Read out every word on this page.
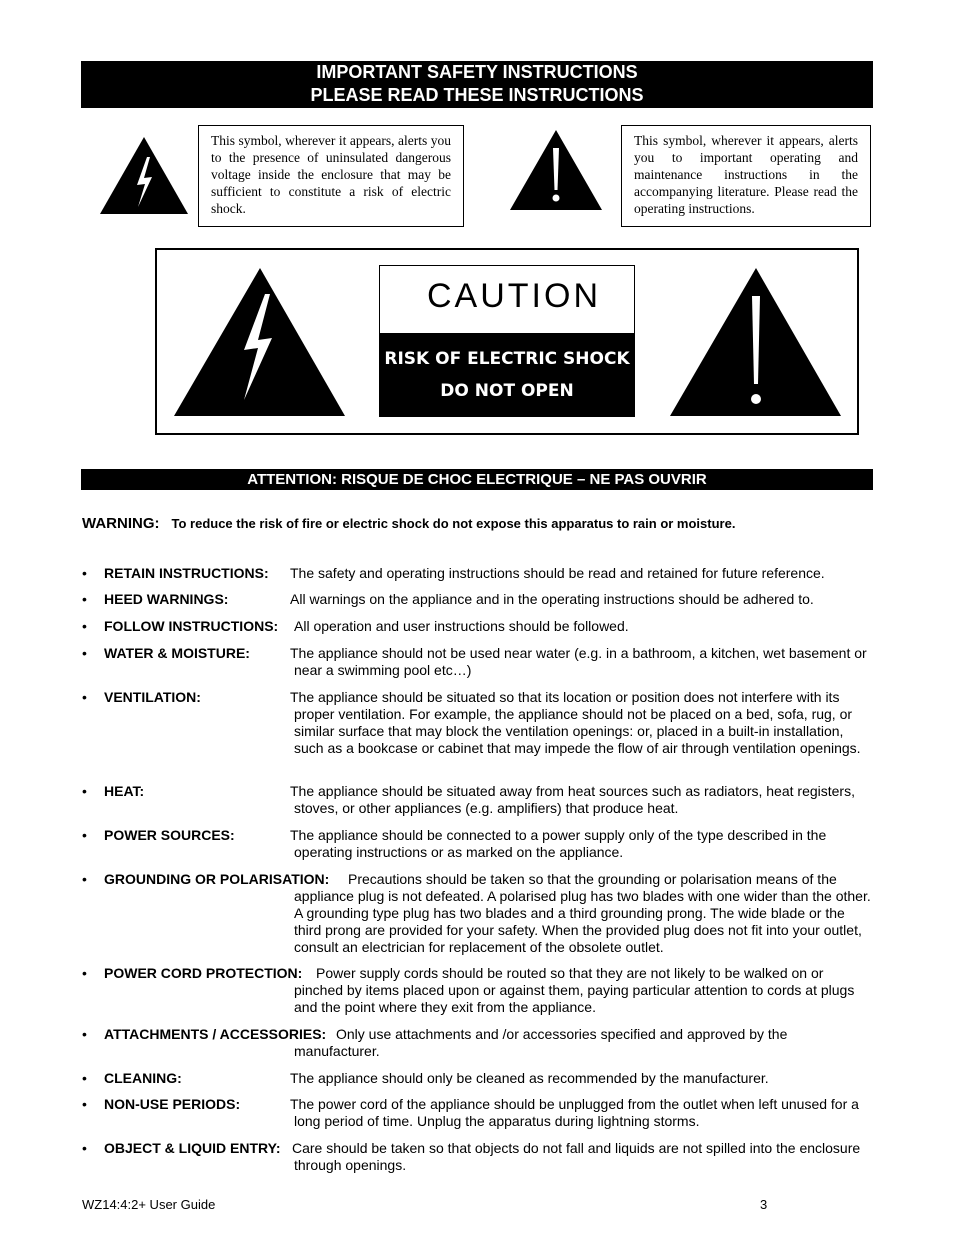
IMPORTANT SAFETY INSTRUCTIONS
PLEASE READ THESE INSTRUCTIONS
This symbol, wherever it appears, alerts you to the presence of uninsulated dangerous voltage inside the enclosure that may be sufficient to constitute a risk of electric shock.
This symbol, wherever it appears, alerts you to important operating and maintenance instructions in the accompanying literature. Please read the operating instructions.
CAUTION
RISK OF ELECTRIC SHOCK
DO NOT OPEN
ATTENTION: RISQUE DE CHOC ELECTRIQUE – NE PAS OUVRIR
WARNING: To reduce the risk of fire or electric shock do not expose this apparatus to rain or moisture.
• RETAIN INSTRUCTIONS:	The safety and operating instructions should be read and retained for future reference.
• HEED WARNINGS:	All warnings on the appliance and in the operating instructions should be adhered to.
• FOLLOW INSTRUCTIONS:	All operation and user instructions should be followed.
• WATER & MOISTURE:	The appliance should not be used near water (e.g. in a bathroom, a kitchen, wet basement or near a swimming pool etc…)
• VENTILATION:	The appliance should be situated so that its location or position does not interfere with its proper ventilation. For example, the appliance should not be placed on a bed, sofa, rug, or similar surface that may block the ventilation openings: or, placed in a built-in installation, such as a bookcase or cabinet that may impede the flow of air through ventilation openings.
• HEAT:	The appliance should be situated away from heat sources such as radiators, heat registers, stoves, or other appliances (e.g. amplifiers) that produce heat.
• POWER SOURCES:	The appliance should be connected to a power supply only of the type described in the operating instructions or as marked on the appliance.
• GROUNDING OR POLARISATION:	Precautions should be taken so that the grounding or polarisation means of the appliance plug is not defeated. A polarised plug has two blades with one wider than the other. A grounding type plug has two blades and a third grounding prong. The wide blade or the third prong are provided for your safety. When the provided plug does not fit into your outlet, consult an electrician for replacement of the obsolete outlet.
• POWER CORD PROTECTION: Power supply cords should be routed so that they are not likely to be walked on or pinched by items placed upon or against them, paying particular attention to cords at plugs and the point where they exit from the appliance.
• ATTACHMENTS / ACCESSORIES: Only use attachments and /or accessories specified and approved by the manufacturer.
• CLEANING:	The appliance should only be cleaned as recommended by the manufacturer.
• NON-USE PERIODS:	The power cord of the appliance should be unplugged from the outlet when left unused for a long period of time. Unplug the apparatus during lightning storms.
• OBJECT & LIQUID ENTRY: Care should be taken so that objects do not fall and liquids are not spilled into the enclosure through openings.
WZ14:4:2+ User Guide	3
